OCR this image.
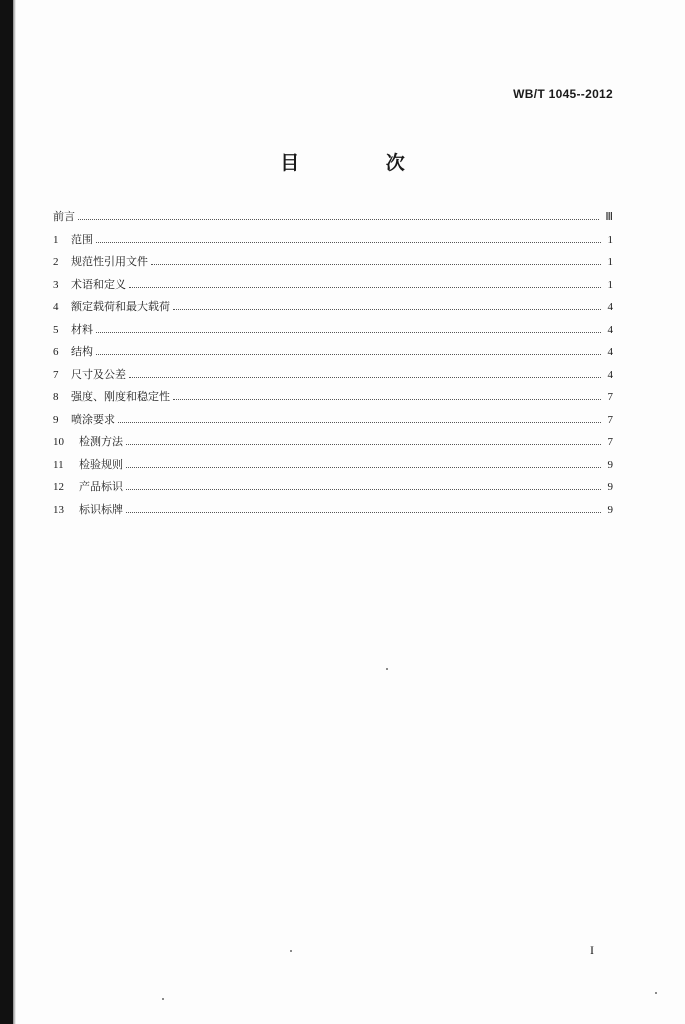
WB/T 1045--2012
目 次
前言	Ⅲ
1	范围	1
2	规范性引用文件	1
3	术语和定义	1
4	额定载荷和最大载荷	4
5	材料	4
6	结构	4
7	尺寸及公差	4
8	强度、刚度和稳定性	7
9	喷涂要求	7
10	检测方法	7
11	检验规则	9
12	产品标识	9
13	标识标牌	9
I
